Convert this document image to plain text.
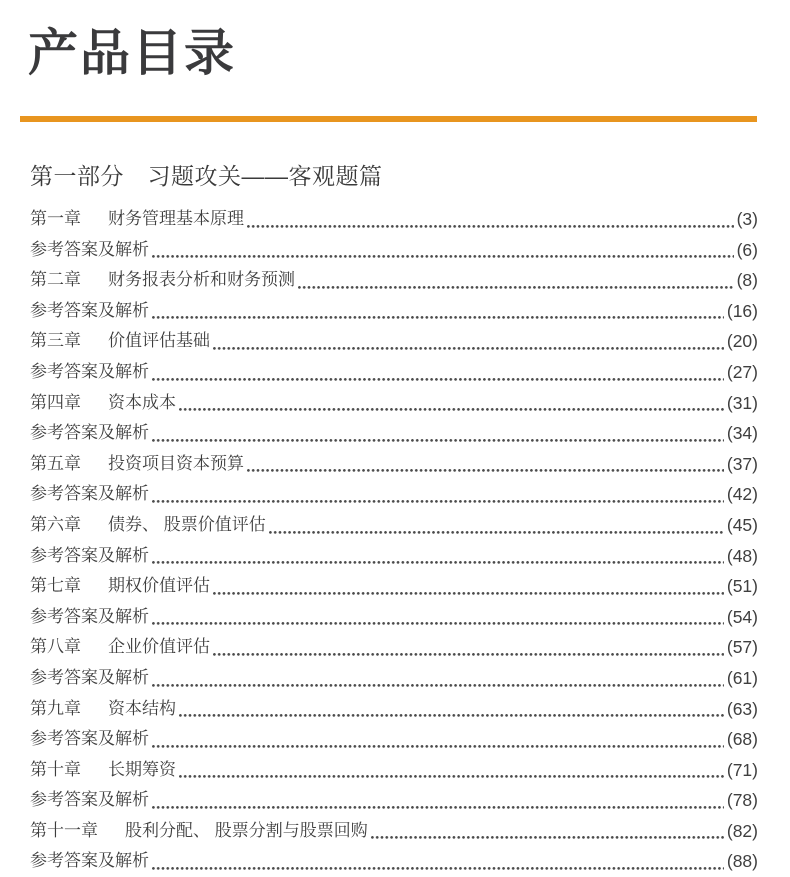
产品目录
第一部分　习题攻关——客观题篇
第一章 财务管理基本原理	(3)
参考答案及解析	(6)
第二章 财务报表分析和财务预测	(8)
参考答案及解析	(16)
第三章 价值评估基础	(20)
参考答案及解析	(27)
第四章 资本成本	(31)
参考答案及解析	(34)
第五章 投资项目资本预算	(37)
参考答案及解析	(42)
第六章 债券、 股票价值评估	(45)
参考答案及解析	(48)
第七章 期权价值评估	(51)
参考答案及解析	(54)
第八章 企业价值评估	(57)
参考答案及解析	(61)
第九章 资本结构	(63)
参考答案及解析	(68)
第十章 长期筹资	(71)
参考答案及解析	(78)
第十一章 股利分配、 股票分割与股票回购	(82)
参考答案及解析	(88)
